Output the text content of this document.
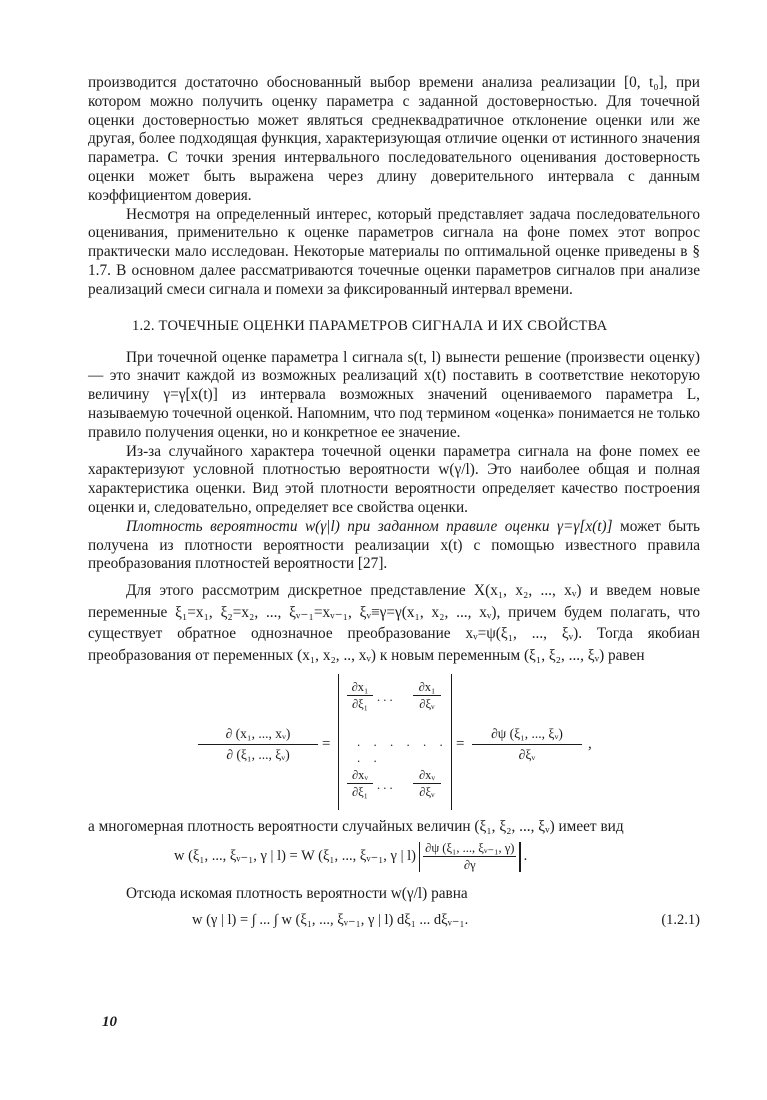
производится достаточно обоснованный выбор времени анализа реализации [0, t₀], при котором можно получить оценку параметра с заданной достоверностью. Для точечной оценки достоверностью может являться среднеквадратичное отклонение оценки или же другая, более подходящая функция, характеризующая отличие оценки от истинного значения параметра. С точки зрения интервального последовательного оценивания достоверность оценки может быть выражена через длину доверительного интервала с данным коэффициентом доверия.

Несмотря на определенный интерес, который представляет задача последовательного оценивания, применительно к оценке параметров сигнала на фоне помех этот вопрос практически мало исследован. Некоторые материалы по оптимальной оценке приведены в § 1.7. В основном далее рассматриваются точечные оценки параметров сигналов при анализе реализаций смеси сигнала и помехи за фиксированный интервал времени.

1.2. ТОЧЕЧНЫЕ ОЦЕНКИ ПАРАМЕТРОВ СИГНАЛА И ИХ СВОЙСТВА

При точечной оценке параметра l сигнала s(t, l) вынести решение (произвести оценку) — это значит каждой из возможных реализаций x(t) поставить в соответствие некоторую величину γ=γ[x(t)] из интервала возможных значений оцениваемого параметра L, называемую точечной оценкой. Напомним, что под термином «оценка» понимается не только правило получения оценки, но и конкретное ее значение.

Из-за случайного характера точечной оценки параметра сигнала на фоне помех ее характеризуют условной плотностью вероятности w(γ/l). Это наиболее общая и полная характеристика оценки. Вид этой плотности вероятности определяет качество построения оценки и, следовательно, определяет все свойства оценки.

Плотность вероятности w(γ|l) при заданном правиле оценки γ=γ[x(t)] может быть получена из плотности вероятности реализации x(t) с помощью известного правила преобразования плотностей вероятности [27].

Для этого рассмотрим дискретное представление X(x₁, x₂, ..., xᵥ) и введем новые переменные ξ₁=x₁, ξ₂=x₂, ..., ξᵥ₋₁=xᵥ₋₁, ξᵥ≡γ=γ(x₁, x₂, ..., xᵥ), причем будем полагать, что существует обратное однозначное преобразование xᵥ=ψ(ξ₁, ..., ξᵥ). Тогда якобиан преобразования от переменных (x₁, x₂, .., xᵥ) к новым переменным (ξ₁, ξ₂, ..., ξᵥ) равен

$\frac{\text{∂ (x₁, ..., xᵥ)}}{\text{∂ (ξ₁, ..., ξᵥ)}}$ =
$\frac{\text{∂x₁}}{\text{∂ξ₁}}$ . . . $\frac{\text{∂x₁}}{\text{∂ξᵥ}}$
. . . . . . . .
$\frac{\text{∂xᵥ}}{\text{∂ξ₁}}$ . . . $\frac{\text{∂xᵥ}}{\text{∂ξᵥ}}$
= $\frac{\text{∂ψ (ξ₁, ..., ξᵥ)}}{\text{∂ξᵥ}}$ ,

а многомерная плотность вероятности случайных величин (ξ₁, ξ₂, ..., ξᵥ) имеет вид

w (ξ₁, ..., ξᵥ₋₁, γ | l) = W (ξ₁, ..., ξᵥ₋₁, γ | $l) \frac{\text{∂ψ (ξ₁, ..., ξᵥ₋₁, γ)}}{\partial\gamma}$ .

Отсюда искомая плотность вероятности w(γ/l) равна

w (γ | l) = ∫ ... ∫ w (ξ₁, ..., ξᵥ₋₁, γ | l) dξ₁ ... dξᵥ₋₁.	(1.2.1)
10
